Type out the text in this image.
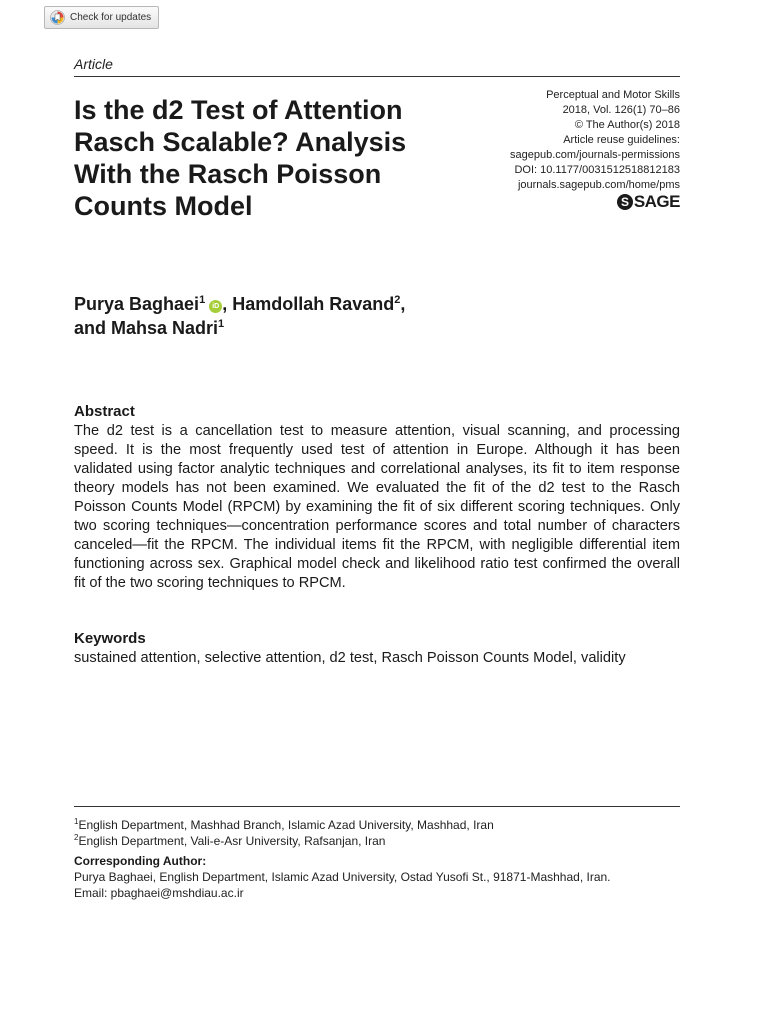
Check for updates
Article
Is the d2 Test of Attention Rasch Scalable? Analysis With the Rasch Poisson Counts Model
Perceptual and Motor Skills
2018, Vol. 126(1) 70–86
© The Author(s) 2018
Article reuse guidelines:
sagepub.com/journals-permissions
DOI: 10.1177/0031512518812183
journals.sagepub.com/home/pms
S SAGE
Purya Baghaei$^1$iD , Hamdollah Ravand$^2$,
and Mahsa Nadri$^1$
Abstract

The d2 test is a cancellation test to measure attention, visual scanning, and processing speed. It is the most frequently used test of attention in Europe. Although it has been validated using factor analytic techniques and correlational analyses, its fit to item response theory models has not been examined. We evaluated the fit of the d2 test to the Rasch Poisson Counts Model (RPCM) by examining the fit of six different scoring techniques. Only two scoring techniques—concentration performance scores and total number of characters canceled—fit the RPCM. The individual items fit the RPCM, with negligible differential item functioning across sex. Graphical model check and likelihood ratio test confirmed the overall fit of the two scoring techniques to RPCM.

Keywords

sustained attention, selective attention, d2 test, Rasch Poisson Counts Model, validity

$^1$English Department, Mashhad Branch, Islamic Azad University, Mashhad, Iran
$^2$English Department, Vali-e-Asr University, Rafsanjan, Iran
Corresponding Author:
Purya Baghaei, English Department, Islamic Azad University, Ostad Yusofi St., 91871-Mashhad, Iran.
Email: pbaghaei@mshdiau.ac.ir
